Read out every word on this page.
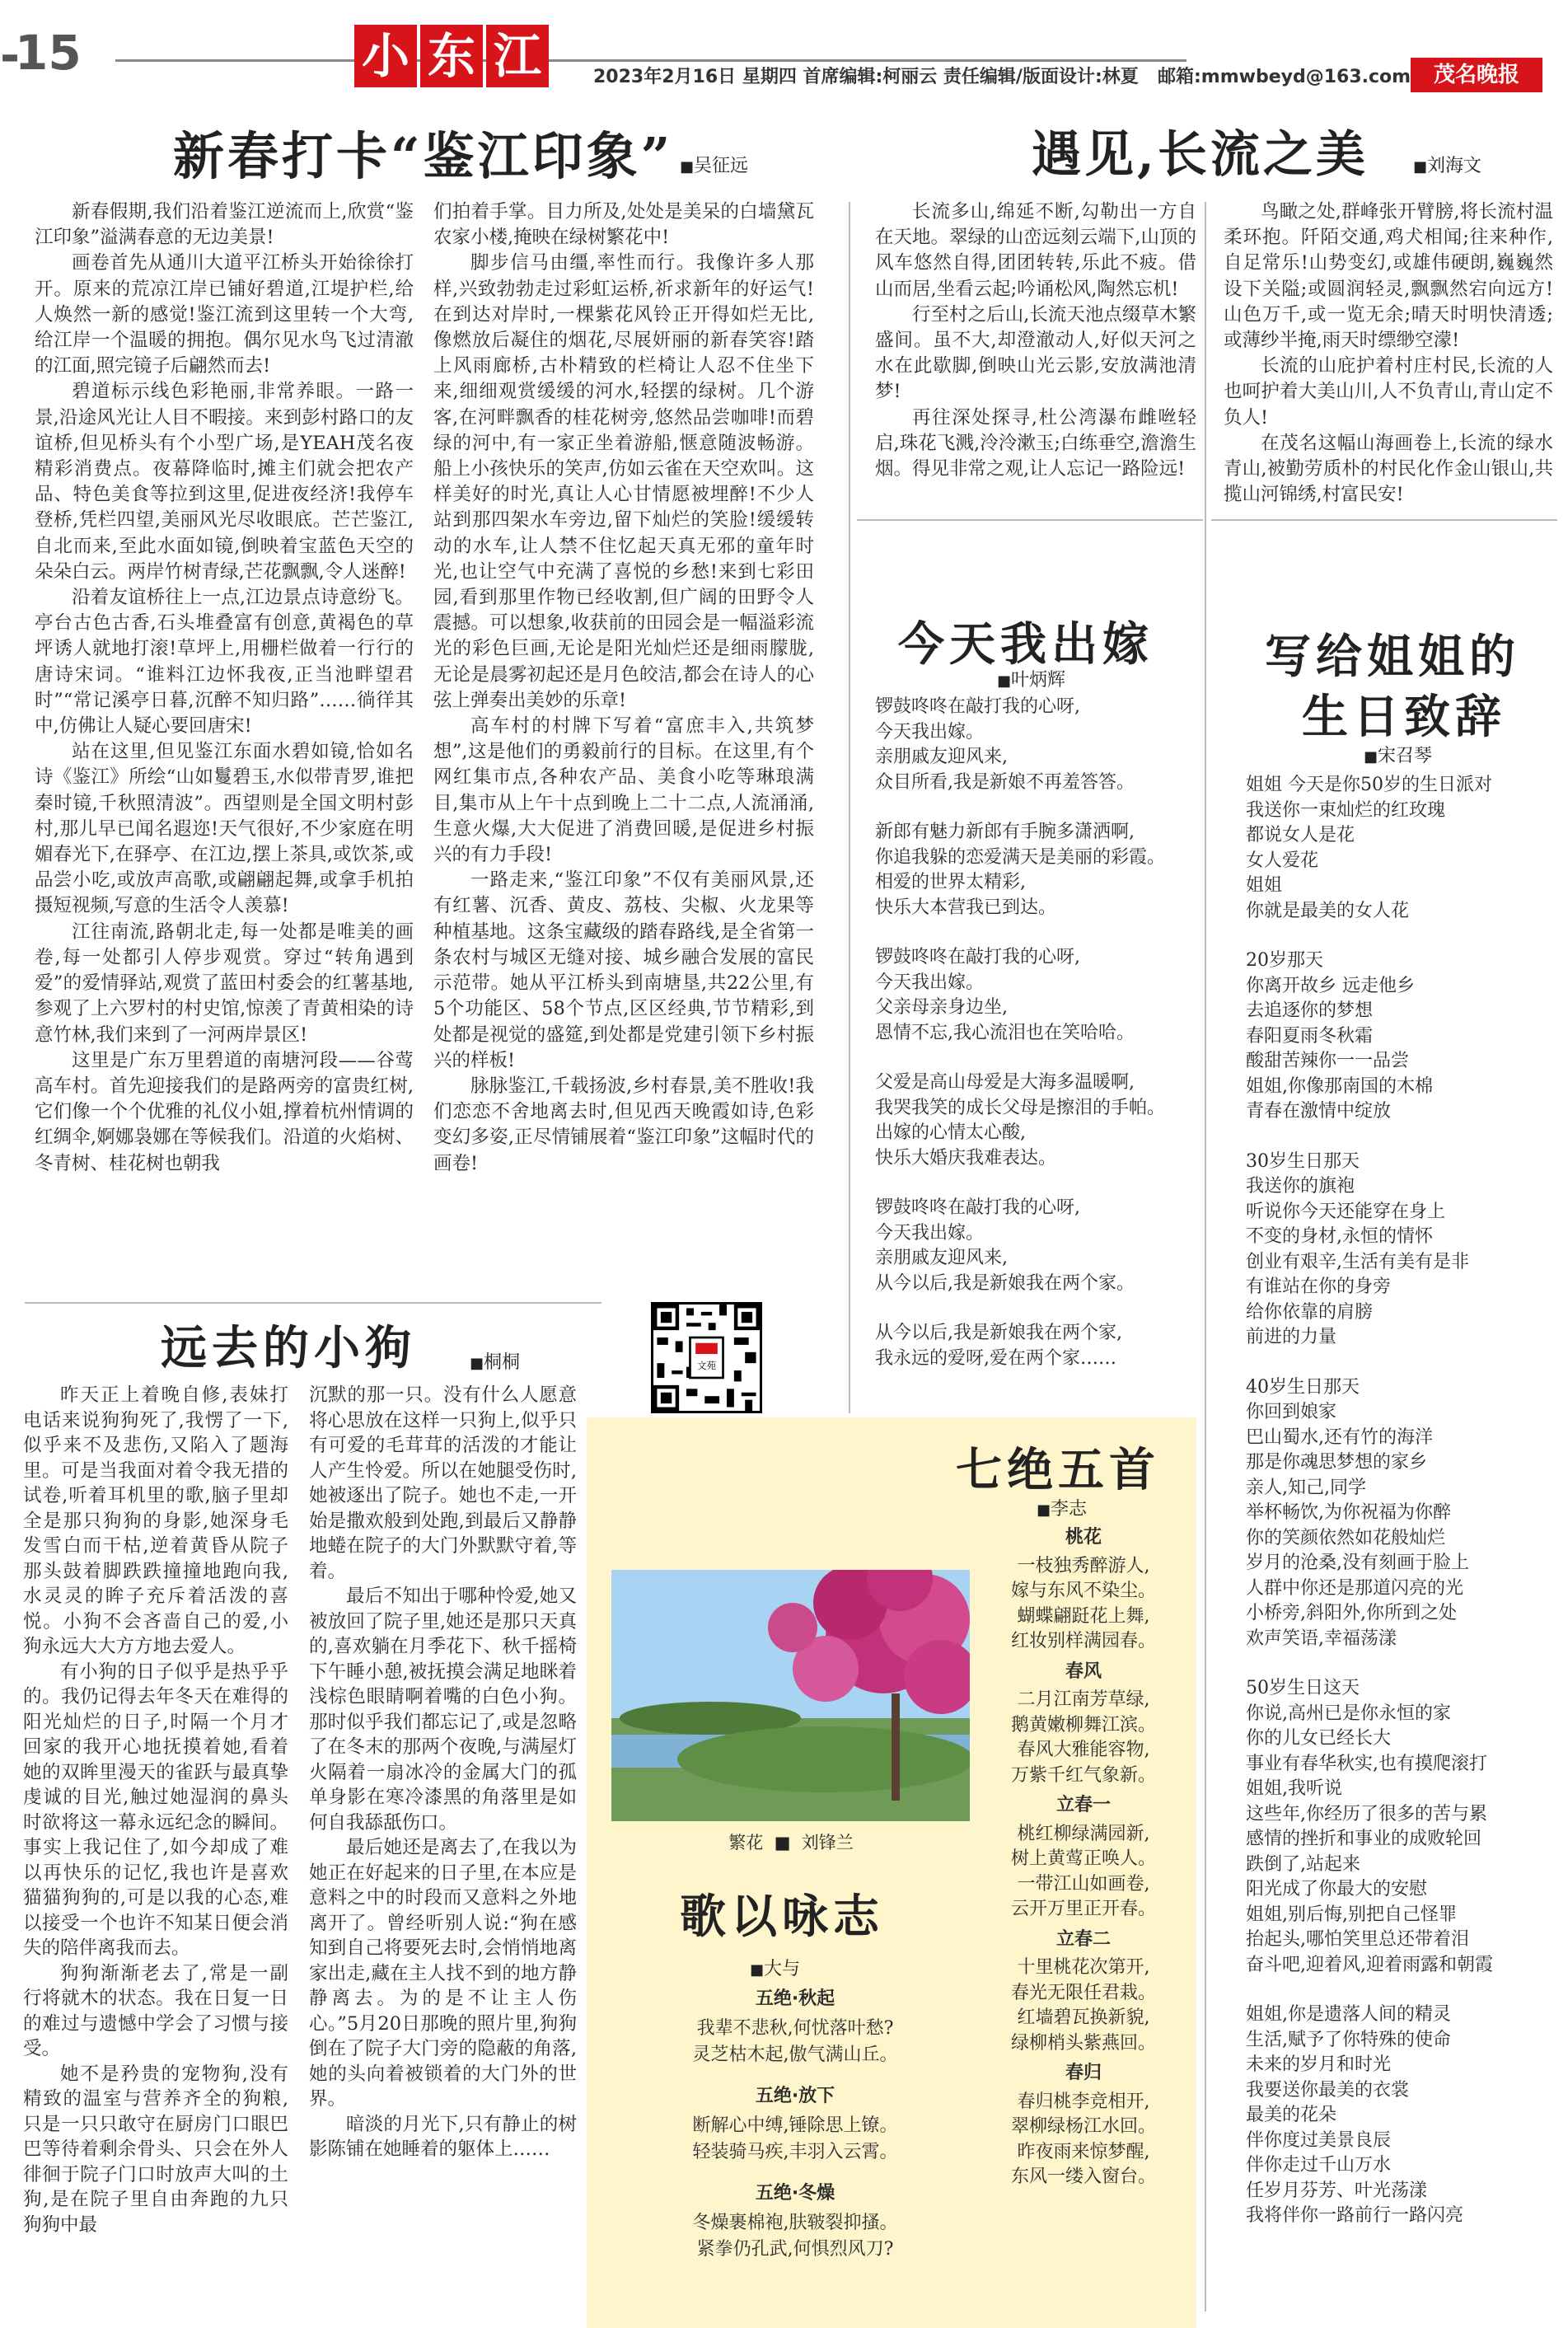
15
-	小 东 江	2023年2月16日 星期四 首席编辑:柯丽云 责任编辑/版面设计:林夏 邮箱:mmwbeyd@163.com	茂名晚报
新春打卡“鉴江印象”	■ 吴征远

新春假期,我们沿着鉴江逆流而上,欣赏“鉴江印象”溢满春意的无边美景!

画卷首先从通川大道平江桥头开始徐徐打开。原来的荒凉江岸已铺好碧道,江堤护栏,给人焕然一新的感觉!鉴江流到这里转一个大弯,给江岸一个温暖的拥抱。偶尔见水鸟飞过清澈的江面,照完镜子后翩然而去!

碧道标示线色彩艳丽,非常养眼。一路一景,沿途风光让人目不暇接。来到彭村路口的友谊桥,但见桥头有个小型广场,是YEAH茂名夜精彩消费点。夜幕降临时,摊主们就会把农产品、特色美食等拉到这里,促进夜经济!我停车登桥,凭栏四望,美丽风光尽收眼底。芒芒鉴江,自北而来,至此水面如镜,倒映着宝蓝色天空的朵朵白云。两岸竹树青绿,芒花飘飘,令人迷醉!

沿着友谊桥往上一点,江边景点诗意纷飞。亭台古色古香,石头堆叠富有创意,黄褐色的草坪诱人就地打滚!草坪上,用栅栏做着一行行的唐诗宋词。“谁料江边怀我夜,正当池畔望君时”“常记溪亭日暮,沉醉不知归路”……徜徉其中,仿佛让人疑心要回唐宋!

站在这里,但见鉴江东面水碧如镜,恰如名诗《鉴江》所绘“山如鬘碧玉,水似带青罗,谁把秦时镜,千秋照清波”。西望则是全国文明村彭村,那儿早已闻名遐迩!天气很好,不少家庭在明媚春光下,在驿亭、在江边,摆上茶具,或饮茶,或品尝小吃,或放声高歌,或翩翩起舞,或拿手机拍摄短视频,写意的生活令人羡慕!

江往南流,路朝北走,每一处都是唯美的画卷,每一处都引人停步观赏。穿过“转角遇到爱”的爱情驿站,观赏了蓝田村委会的红薯基地,参观了上六罗村的村史馆,惊羡了青黄相染的诗意竹林,我们来到了一河两岸景区!

这里是广东万里碧道的南塘河段——谷莺高车村。首先迎接我们的是路两旁的富贵红树,它们像一个个优雅的礼仪小姐,撑着杭州情调的红绸伞,婀娜袅娜在等候我们。沿道的火焰树、冬青树、桂花树也朝我

们拍着手掌。目力所及,处处是美呆的白墙黛瓦农家小楼,掩映在绿树繁花中!

脚步信马由缰,率性而行。我像许多人那样,兴致勃勃走过彩虹运桥,祈求新年的好运气!在到达对岸时,一棵紫花风铃正开得如烂无比,像燃放后凝住的烟花,尽展妍丽的新春笑容!踏上风雨廊桥,古朴精致的栏椅让人忍不住坐下来,细细观赏缓缓的河水,轻摆的绿树。几个游客,在河畔飘香的桂花树旁,悠然品尝咖啡!而碧绿的河中,有一家正坐着游船,惬意随波畅游。船上小孩快乐的笑声,仿如云雀在天空欢叫。这样美好的时光,真让人心甘情愿被埋醉!不少人站到那四架水车旁边,留下灿烂的笑脸!缓缓转动的水车,让人禁不住忆起天真无邪的童年时光,也让空气中充满了喜悦的乡愁!来到七彩田园,看到那里作物已经收割,但广阔的田野令人震撼。可以想象,收获前的田园会是一幅溢彩流光的彩色巨画,无论是阳光灿烂还是细雨朦胧,无论是晨雾初起还是月色皎洁,都会在诗人的心弦上弹奏出美妙的乐章!

高车村的村牌下写着“富庶丰入,共筑梦想”,这是他们的勇毅前行的目标。在这里,有个网红集市点,各种农产品、美食小吃等琳琅满目,集市从上午十点到晚上二十二点,人流涌涌,生意火爆,大大促进了消费回暖,是促进乡村振兴的有力手段!

一路走来,“鉴江印象”不仅有美丽风景,还有红薯、沉香、黄皮、荔枝、尖椒、火龙果等种植基地。这条宝藏级的踏春路线,是全省第一条农村与城区无缝对接、城乡融合发展的富民示范带。她从平江桥头到南塘垦,共22公里,有5个功能区、58个节点,区区经典,节节精彩,到处都是视觉的盛筵,到处都是党建引领下乡村振兴的样板!

脉脉鉴江,千载扬波,乡村春景,美不胜收!我们恋恋不舍地离去时,但见西天晚霞如诗,色彩变幻多姿,正尽情铺展着“鉴江印象”这幅时代的画卷!

遇见,长流之美	■ 刘海文

长流多山,绵延不断,勾勒出一方自在天地。翠绿的山峦远刻云端下,山顶的风车悠然自得,团团转转,乐此不疲。借山而居,坐看云起;吟诵松风,陶然忘机!

行至村之后山,长流天池点缀草木繁盛间。虽不大,却澄澈动人,好似天河之水在此歇脚,倒映山光云影,安放满池清梦!

再往深处探寻,杜公湾瀑布雌咝轻启,珠花飞溅,泠泠漱玉;白练垂空,澹澹生烟。得见非常之观,让人忘记一路险远!

鸟瞰之处,群峰张开臂膀,将长流村温柔环抱。阡陌交通,鸡犬相闻;往来种作,自足常乐!山势变幻,或雄伟硬朗,巍巍然设下关隘;或圆润轻灵,飘飘然宕向远方!山色万千,或一览无余;晴天时明快清透;或薄纱半掩,雨天时缥缈空濛!

长流的山庇护着村庄村民,长流的人也呵护着大美山川,人不负青山,青山定不负人!

在茂名这幅山海画卷上,长流的绿水青山,被勤劳质朴的村民化作金山银山,共揽山河锦绣,村富民安!

今天我出嫁
■ 叶炳辉
锣鼓咚咚在敲打我的心呀,
今天我出嫁。
亲朋戚友迎风来,
众目所看,我是新娘不再羞答答。
新郎有魅力新郎有手腕多潇洒啊,
你追我躲的恋爱满天是美丽的彩霞。
相爱的世界太精彩,
快乐大本营我已到达。
锣鼓咚咚在敲打我的心呀,
今天我出嫁。
父亲母亲身边坐,
恩情不忘,我心流泪也在笑哈哈。
父爱是高山母爱是大海多温暖啊,
我哭我笑的成长父母是擦泪的手帕。
出嫁的心情太心酸,
快乐大婚庆我难表达。
锣鼓咚咚在敲打我的心呀,
今天我出嫁。
亲朋戚友迎风来,
从今以后,我是新娘我在两个家。
从今以后,我是新娘我在两个家,
我永远的爱呀,爱在两个家……
写给姐姐的
生日致辞
■ 宋召琴
姐姐 今天是你50岁的生日派对
我送你一束灿烂的红玫瑰
都说女人是花
女人爱花
姐姐
你就是最美的女人花
20岁那天
你离开故乡 远走他乡
去追逐你的梦想
春阳夏雨冬秋霜
酸甜苦辣你一一品尝
姐姐,你像那南国的木棉
青春在激情中绽放
30岁生日那天
我送你的旗袍
听说你今天还能穿在身上
不变的身材,永恒的情怀
创业有艰辛,生活有美有是非
有谁站在你的身旁
给你依靠的肩膀
前进的力量
40岁生日那天
你回到娘家
巴山蜀水,还有竹的海洋
那是你魂思梦想的家乡
亲人,知己,同学
举杯畅饮,为你祝福为你醉
你的笑颜依然如花般灿烂
岁月的沧桑,没有刻画于脸上
人群中你还是那道闪亮的光
小桥旁,斜阳外,你所到之处
欢声笑语,幸福荡漾
50岁生日这天
你说,高州已是你永恒的家
你的儿女已经长大
事业有春华秋实,也有摸爬滚打
姐姐,我听说
这些年,你经历了很多的苦与累
感情的挫折和事业的成败轮回
跌倒了,站起来
阳光成了你最大的安慰
姐姐,别后悔,别把自己怪罪
抬起头,哪怕笑里总还带着泪
奋斗吧,迎着风,迎着雨露和朝霞
姐姐,你是遗落人间的精灵
生活,赋予了你特殊的使命
未来的岁月和时光
我要送你最美的衣裳
最美的花朵
伴你度过美景良辰
伴你走过千山万水
任岁月芬芳、叶光荡漾
我将伴你一路前行一路闪亮
远去的小狗	■ 桐桐

昨天正上着晚自修,表妹打电话来说狗狗死了,我愣了一下,似乎来不及悲伤,又陷入了题海里。可是当我面对着令我无措的试卷,听着耳机里的歌,脑子里却全是那只狗狗的身影,她深身毛发雪白而干枯,逆着黄昏从院子那头鼓着脚跌跌撞撞地跑向我,水灵灵的眸子充斥着活泼的喜悦。小狗不会吝啬自己的爱,小狗永远大大方方地去爱人。

有小狗的日子似乎是热乎乎的。我仍记得去年冬天在难得的阳光灿烂的日子,时隔一个月才回家的我开心地抚摸着她,看着她的双眸里漫天的雀跃与最真挚虔诚的目光,触过她湿润的鼻头时欲将这一幕永远纪念的瞬间。事实上我记住了,如今却成了难以再快乐的记忆,我也许是喜欢猫猫狗狗的,可是以我的心态,难以接受一个也许不知某日便会消失的陪伴离我而去。

狗狗渐渐老去了,常是一副行将就木的状态。我在日复一日的难过与遗憾中学会了习惯与接受。

她不是矜贵的宠物狗,没有精致的温室与营养齐全的狗粮,只是一只只敢守在厨房门口眼巴巴等待着剩余骨头、只会在外人徘徊于院子门口时放声大叫的土狗,是在院子里自由奔跑的九只狗狗中最

沉默的那一只。没有什么人愿意将心思放在这样一只狗上,似乎只有可爱的毛茸茸的活泼的才能让人产生怜爱。所以在她腿受伤时,她被逐出了院子。她也不走,一开始是撒欢般到处跑,到最后又静静地蜷在院子的大门外默默守着,等着。

最后不知出于哪种怜爱,她又被放回了院子里,她还是那只天真的,喜欢躺在月季花下、秋千摇椅下午睡小憩,被抚摸会满足地眯着浅棕色眼睛啊着嘴的白色小狗。那时似乎我们都忘记了,或是忽略了在冬末的那两个夜晚,与满屋灯火隔着一扇冰冷的金属大门的孤单身影在寒冷漆黑的角落里是如何自我舔舐伤口。

最后她还是离去了,在我以为她正在好起来的日子里,在本应是意料之中的时段而又意料之外地离开了。曾经听别人说:“狗在感知到自己将要死去时,会悄悄地离家出走,藏在主人找不到的地方静静离去。为的是不让主人伤心。”5月20日那晚的照片里,狗狗倒在了院子大门旁的隐蔽的角落,她的头向着被锁着的大门外的世界。

暗淡的月光下,只有静止的树影陈铺在她睡着的躯体上……

文苑
繁花  ■  刘锋兰
七绝五首
■ 李志
桃花
一枝独秀醉游人,
嫁与东风不染尘。
蝴蝶翩跹花上舞,
红妆别样满园春。
春风
二月江南芳草绿,
鹅黄嫩柳舞江滨。
春风大雅能容物,
万紫千红气象新。
立春一
桃红柳绿满园新,
树上黄莺正唤人。
一带江山如画卷,
云开万里正开春。
立春二
十里桃花次第开,
春光无限任君栽。
红墙碧瓦换新貌,
绿柳梢头紫燕回。
春归
春归桃李竞相开,
翠柳绿杨江水回。
昨夜雨来惊梦醒,
东风一缕入窗台。
歌以咏志
■ 大与
五绝·秋起
我辈不悲秋,何忧落叶愁?
灵芝枯木起,傲气满山丘。
五绝·放下
断解心中缚,锤除思上镣。
轻装骑马疾,丰羽入云霄。
五绝·冬燥
冬燥裹棉袍,肤皲裂抑搔。
紧拳仍孔武,何惧烈风刀?
